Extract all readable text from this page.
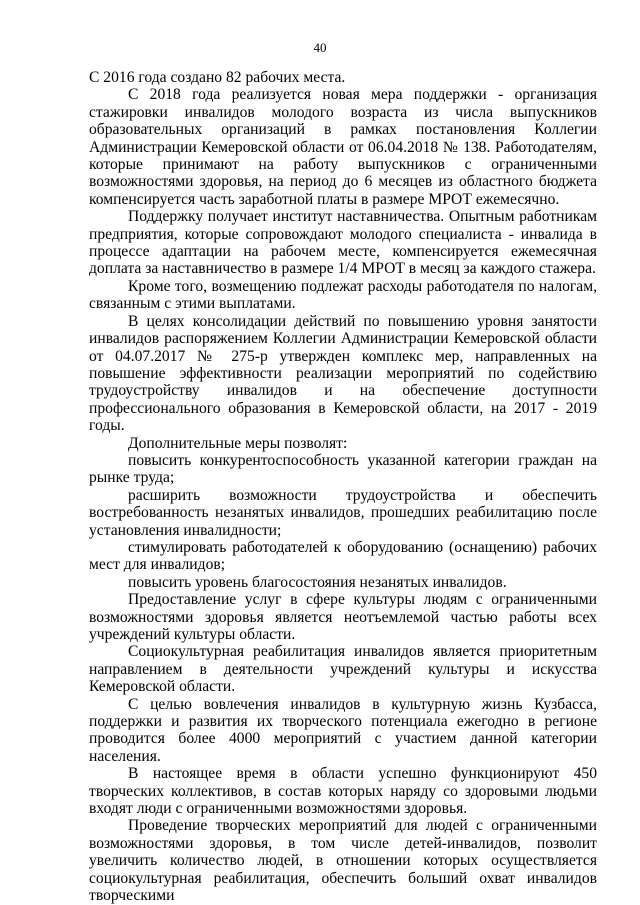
40

С 2016 года создано 82 рабочих места.

С 2018 года реализуется новая мера поддержки - организация стажировки инвалидов молодого возраста из числа выпускников образовательных организаций в рамках постановления Коллегии Администрации Кемеровской области от 06.04.2018 № 138. Работодателям, которые принимают на работу выпускников с ограниченными возможностями здоровья, на период до 6 месяцев из областного бюджета компенсируется часть заработной платы в размере МРОТ ежемесячно.

Поддержку получает институт наставничества. Опытным работникам предприятия, которые сопровождают молодого специалиста - инвалида в процессе адаптации на рабочем месте, компенсируется ежемесячная доплата за наставничество в размере 1/4 МРОТ в месяц за каждого стажера.

Кроме того, возмещению подлежат расходы работодателя по налогам, связанным с этими выплатами.

В целях консолидации действий по повышению уровня занятости инвалидов распоряжением Коллегии Администрации Кемеровской области от 04.07.2017 № 275-р утвержден комплекс мер, направленных на повышение эффективности реализации мероприятий по содействию трудоустройству инвалидов и на обеспечение доступности профессионального образования в Кемеровской области, на 2017 - 2019 годы.

Дополнительные меры позволят:

повысить конкурентоспособность указанной категории граждан на рынке труда;

расширить возможности трудоустройства и обеспечить востребованность незанятых инвалидов, прошедших реабилитацию после установления инвалидности;

стимулировать работодателей к оборудованию (оснащению) рабочих мест для инвалидов;

повысить уровень благосостояния незанятых инвалидов.

Предоставление услуг в сфере культуры людям с ограниченными возможностями здоровья является неотъемлемой частью работы всех учреждений культуры области.

Социокультурная реабилитация инвалидов является приоритетным направлением в деятельности учреждений культуры и искусства Кемеровской области.

С целью вовлечения инвалидов в культурную жизнь Кузбасса, поддержки и развития их творческого потенциала ежегодно в регионе проводится более 4000 мероприятий с участием данной категории населения.

В настоящее время в области успешно функционируют 450 творческих коллективов, в состав которых наряду со здоровыми людьми входят люди с ограниченными возможностями здоровья.

Проведение творческих мероприятий для людей с ограниченными возможностями здоровья, в том числе детей-инвалидов, позволит увеличить количество людей, в отношении которых осуществляется социокультурная реабилитация, обеспечить больший охват инвалидов творческими
